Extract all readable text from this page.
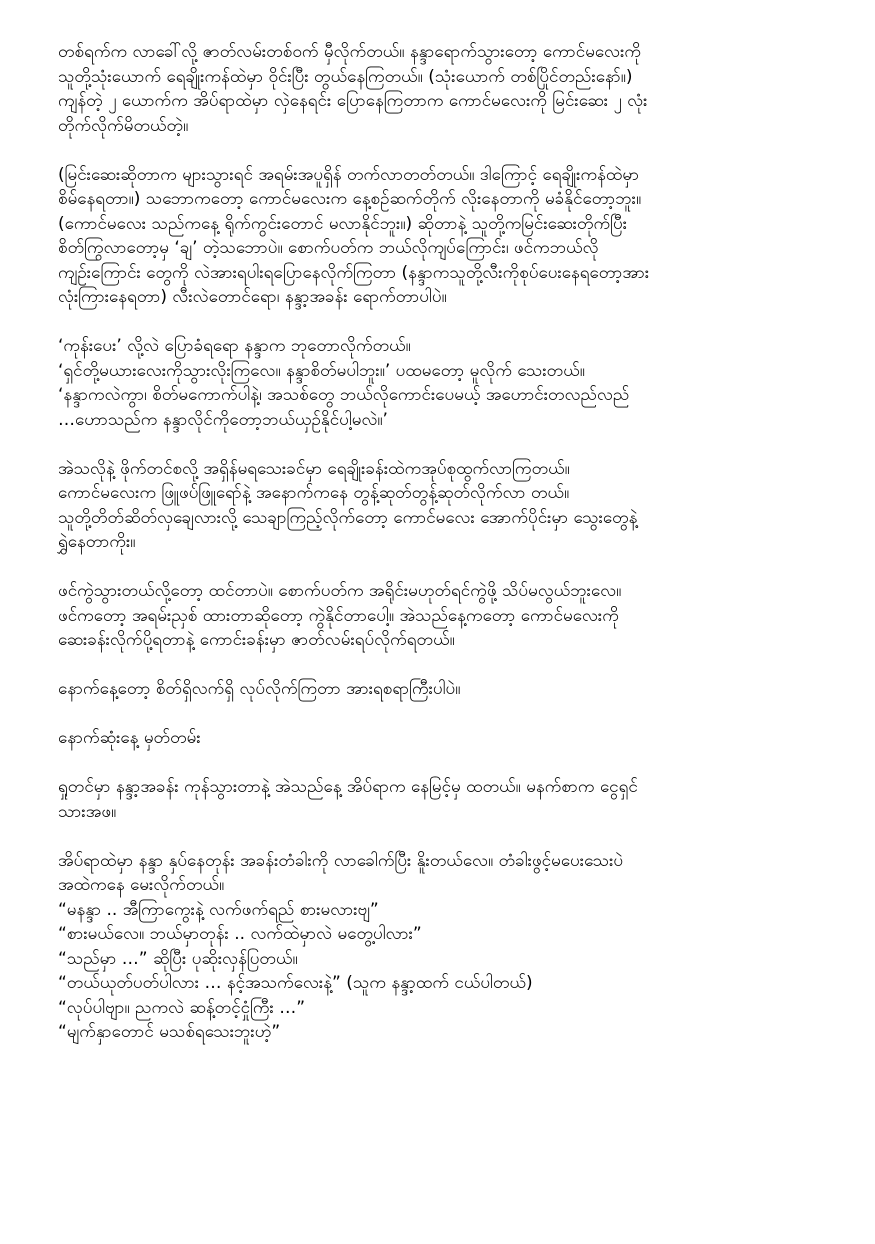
တစ်ရက်က လာခေါ်လို့ ဇာတ်လမ်းတစ်ဝက် မှီလိုက်တယ်။ နန္ဒာရောက်သွားတော့ ကောင်မလေးကို
သူတို့သုံးယောက် ရေချိုးကန်ထဲမှာ ဝိုင်းပြီး တွယ်နေကြတယ်။ (သုံးယောက် တစ်ပြိုင်တည်းနော်။)
ကျန်တဲ့ ၂ ယောက်က အိပ်ရာထဲမှာ လှဲနေရင်း ပြောနေကြတာက ကောင်မလေးကို မြင်းဆေး ၂ လုံး
တိုက်လိုက်မိတယ်တဲ့။
(မြင်းဆေးဆိုတာက များသွားရင် အရမ်းအပူရှိန် တက်လာတတ်တယ်။ ဒါကြောင့် ရေချိုးကန်ထဲမှာ
စိမ်နေရတာ။) သဘောကတော့ ကောင်မလေးက နေ့စဉ်ဆက်တိုက် လိုးနေတာကို မခံနိုင်တော့ဘူး။
(ကောင်မလေး သည်ကနေ့ ရိုက်ကွင်းတောင် မလာနိုင်ဘူး။) ဆိုတာနဲ့ သူတို့ကမြင်းဆေးတိုက်ပြီး
စိတ်ကြွလာတော့မှ ‘ချ’ တဲ့သဘောပဲ။ စောက်ပတ်က ဘယ်လိုကျပ်ကြောင်း၊ ဖင်ကဘယ်လို
ကျဉ်းကြောင်း တွေကို လဲအားရပါးရပြောနေလိုက်ကြတာ (နန္ဒာကသူတို့လီးကိုစုပ်ပေးနေရတော့အား
လုံးကြားနေရတာ) လီးလဲတောင်ရော၊ နန္ဒာ့အခန်း ရောက်တာပါပဲ။
‘ကုန်းပေး’ လို့လဲ ပြောခံရရော နန္ဒာက ဘုတောလိုက်တယ်။
‘ရှင်တို့မယားလေးကိုသွားလိုးကြလေ။ နန္ဒာစိတ်မပါဘူး။’ ပထမတော့ မူလိုက် သေးတယ်။
‘နန္ဒာကလဲကွာ၊ စိတ်မကောက်ပါနဲ့၊ အသစ်တွေ ဘယ်လိုကောင်းပေမယ့် အဟောင်းတလည်လည်
…ဟောသည်က နန္ဒာလိုင်ကိုတော့ဘယ်ယှဉ်နိုင်ပါ့မလဲ။’
အဲသလိုနဲ့ ဖိုက်တင်စလို့ အရှိန်မရသေးခင်မှာ ရေချိုးခန်းထဲကအုပ်စုထွက်လာကြတယ်။
ကောင်မလေးက ဖြူဖပ်ဖြူရော်နဲ့ အနောက်ကနေ တွန့်ဆုတ်တွန့်ဆုတ်လိုက်လာ တယ်။
သူတို့တိတ်ဆိတ်လှချေလားလို့ သေချာကြည့်လိုက်တော့ ကောင်မလေး အောက်ပိုင်းမှာ သွေးတွေနဲ့
ရွှဲနေတာကိုး။
ဖင်ကွဲသွားတယ်လို့တော့ ထင်တာပဲ။ စောက်ပတ်က အရိုင်းမဟုတ်ရင်ကွဲဖို့ သိပ်မလွယ်ဘူးလေ။
ဖင်ကတော့ အရမ်းညှစ် ထားတာဆိုတော့ ကွဲနိုင်တာပေါ့။ အဲသည်နေ့ကတော့ ကောင်မလေးကို
ဆေးခန်းလိုက်ပို့ရတာနဲ့ ကောင်းခန်းမှာ ဇာတ်လမ်းရပ်လိုက်ရတယ်။
နောက်နေ့တော့ စိတ်ရှိလက်ရှိ လုပ်လိုက်ကြတာ အားရစရာကြီးပါပဲ။
နောက်ဆုံးနေ့ မှတ်တမ်း
ရှုတင်မှာ နန္ဒာ့အခန်း ကုန်သွားတာနဲ့ အဲသည်နေ့ အိပ်ရာက နေမြင့်မှ ထတယ်။ မနက်စာက ငွေရှင်
သားအဖ။
အိပ်ရာထဲမှာ နန္ဒာ နှပ်နေတုန်း အခန်းတံခါးကို လာခေါက်ပြီး နိူးတယ်လေ။ တံခါးဖွင့်မပေးသေးပဲ
အထဲကနေ မေးလိုက်တယ်။
“မနန္ဒာ .. အီကြာကွေးနဲ့ လက်ဖက်ရည် စားမလားဗျ”
“စားမယ်လေ။ ဘယ်မှာတုန်း .. လက်ထဲမှာလဲ မတွေ့ပါလား”
“သည်မှာ …” ဆိုပြီး ပုဆိုးလှန်ပြတယ်။
“တယ်ယုတ်ပတ်ပါလား … နင့်အသက်လေးနဲ့” (သူက နန္ဒာ့ထက် ငယ်ပါတယ်)
“လုပ်ပါဗျာ။ ညကလဲ ဆန့်တင့်ငှုံကြီး …”
“မျက်နှာတောင် မသစ်ရသေးဘူးဟဲ့”
